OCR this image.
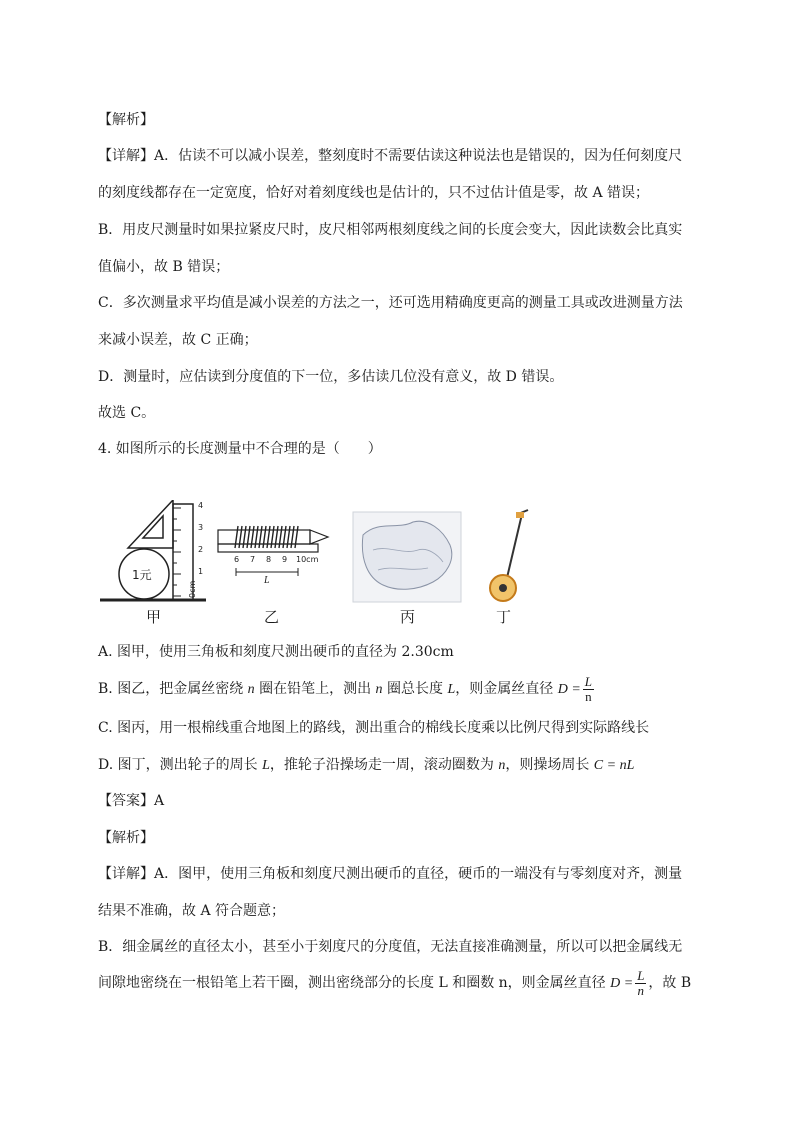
【解析】
【详解】A．估读不可以减小误差，整刻度时不需要估读这种说法也是错误的，因为任何刻度尺
的刻度线都存在一定宽度，恰好对着刻度线也是估计的，只不过估计值是零，故 A 错误；
B．用皮尺测量时如果拉紧皮尺时，皮尺相邻两根刻度线之间的长度会变大，因此读数会比真实
值偏小，故 B 错误；
C．多次测量求平均值是减小误差的方法之一，还可选用精确度更高的测量工具或改进测量方法
来减小误差，故 C 正确；
D．测量时，应估读到分度值的下一位，多估读几位没有意义，故 D 错误。
故选 C。
4. 如图所示的长度测量中不合理的是（　　）
1元
0cm
1
2
3
4
6 7 8 9 10cm
L
甲	乙	丙	丁
A. 图甲，使用三角板和刻度尺测出硬币的直径为 2.30cm
B. 图乙，把金属丝密绕 n 圈在铅笔上，测出 n 圈总长度 L，则金属丝直径 $D = \frac{L}{n}$
C. 图丙，用一根棉线重合地图上的路线，测出重合的棉线长度乘以比例尺得到实际路线长
D. 图丁，测出轮子的周长 L，推轮子沿操场走一周，滚动圈数为 n，则操场周长 C = nL
【答案】A
【解析】
【详解】A．图甲，使用三角板和刻度尺测出硬币的直径，硬币的一端没有与零刻度对齐，测量
结果不准确，故 A 符合题意；
B．细金属丝的直径太小，甚至小于刻度尺的分度值，无法直接准确测量，所以可以把金属线无
间隙地密绕在一根铅笔上若干圈，测出密绕部分的长度 L 和圈数 n，则金属丝直径 $D = \frac{L}{n}$ ，故 B
